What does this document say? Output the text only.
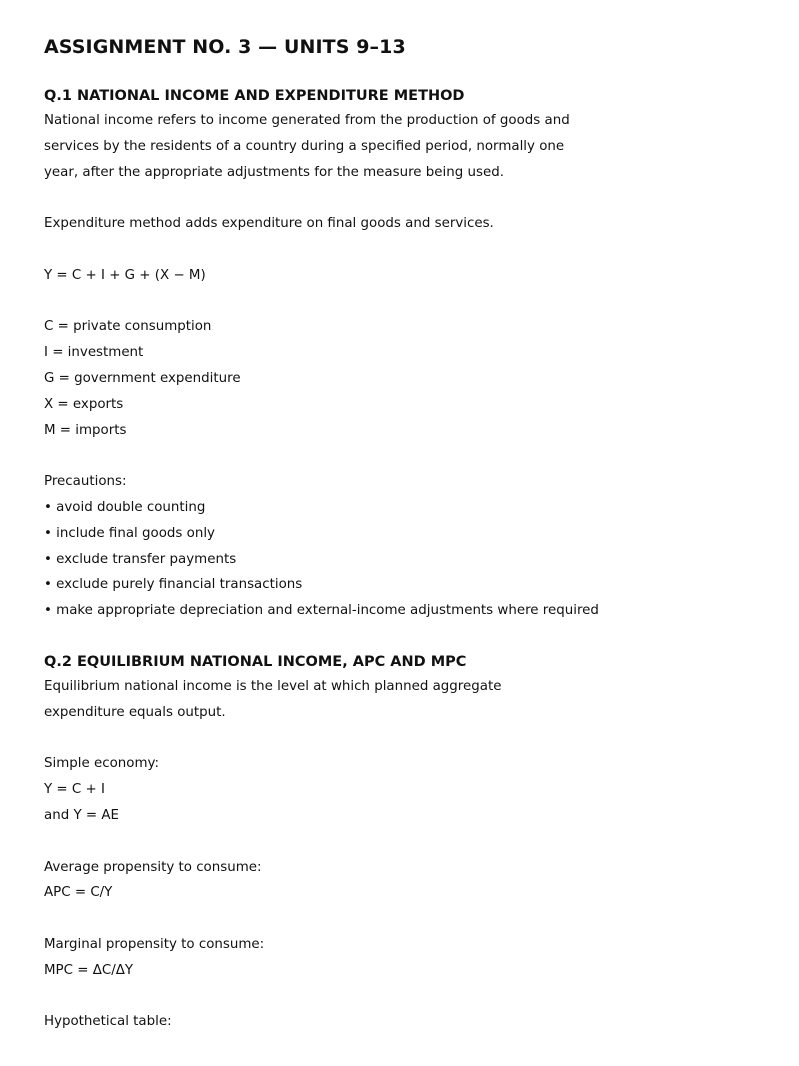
ASSIGNMENT NO. 3 — UNITS 9–13
Q.1 NATIONAL INCOME AND EXPENDITURE METHOD

National income refers to income generated from the production of goods and

services by the residents of a country during a specified period, normally one

year, after the appropriate adjustments for the measure being used.

Expenditure method adds expenditure on final goods and services.

Y = C + I + G + (X − M)

C = private consumption

I = investment

G = government expenditure

X = exports

M = imports

Precautions:

• avoid double counting

• include final goods only

• exclude transfer payments

• exclude purely financial transactions

• make appropriate depreciation and external-income adjustments where required

Q.2 EQUILIBRIUM NATIONAL INCOME, APC AND MPC

Equilibrium national income is the level at which planned aggregate

expenditure equals output.

Simple economy:

Y = C + I

and Y = AE

Average propensity to consume:

APC = C/Y

Marginal propensity to consume:

MPC = ΔC/ΔY

Hypothetical table:
